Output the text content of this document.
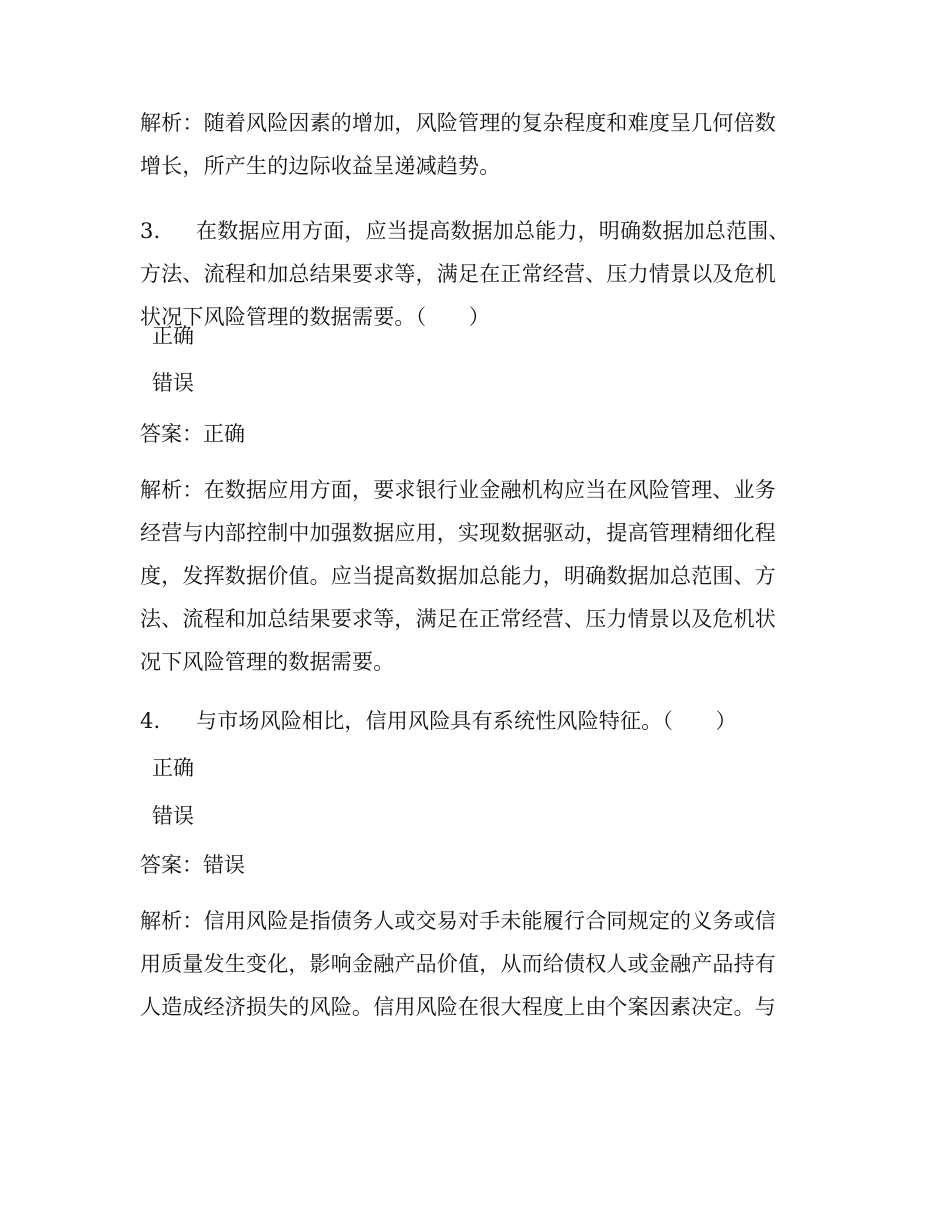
解析：随着风险因素的增加，风险管理的复杂程度和难度呈几何倍数增长，所产生的边际收益呈递减趋势。

3. 在数据应用方面，应当提高数据加总能力，明确数据加总范围、方法、流程和加总结果要求等，满足在正常经营、压力情景以及危机状况下风险管理的数据需要。（　　）

正确

错误

答案：正确

解析：在数据应用方面，要求银行业金融机构应当在风险管理、业务经营与内部控制中加强数据应用，实现数据驱动，提高管理精细化程度，发挥数据价值。应当提高数据加总能力，明确数据加总范围、方法、流程和加总结果要求等，满足在正常经营、压力情景以及危机状况下风险管理的数据需要。

4. 与市场风险相比，信用风险具有系统性风险特征。（　　）

正确

错误

答案：错误

解析：信用风险是指债务人或交易对手未能履行合同规定的义务或信用质量发生变化，影响金融产品价值，从而给债权人或金融产品持有人造成经济损失的风险。信用风险在很大程度上由个案因素决定。与
